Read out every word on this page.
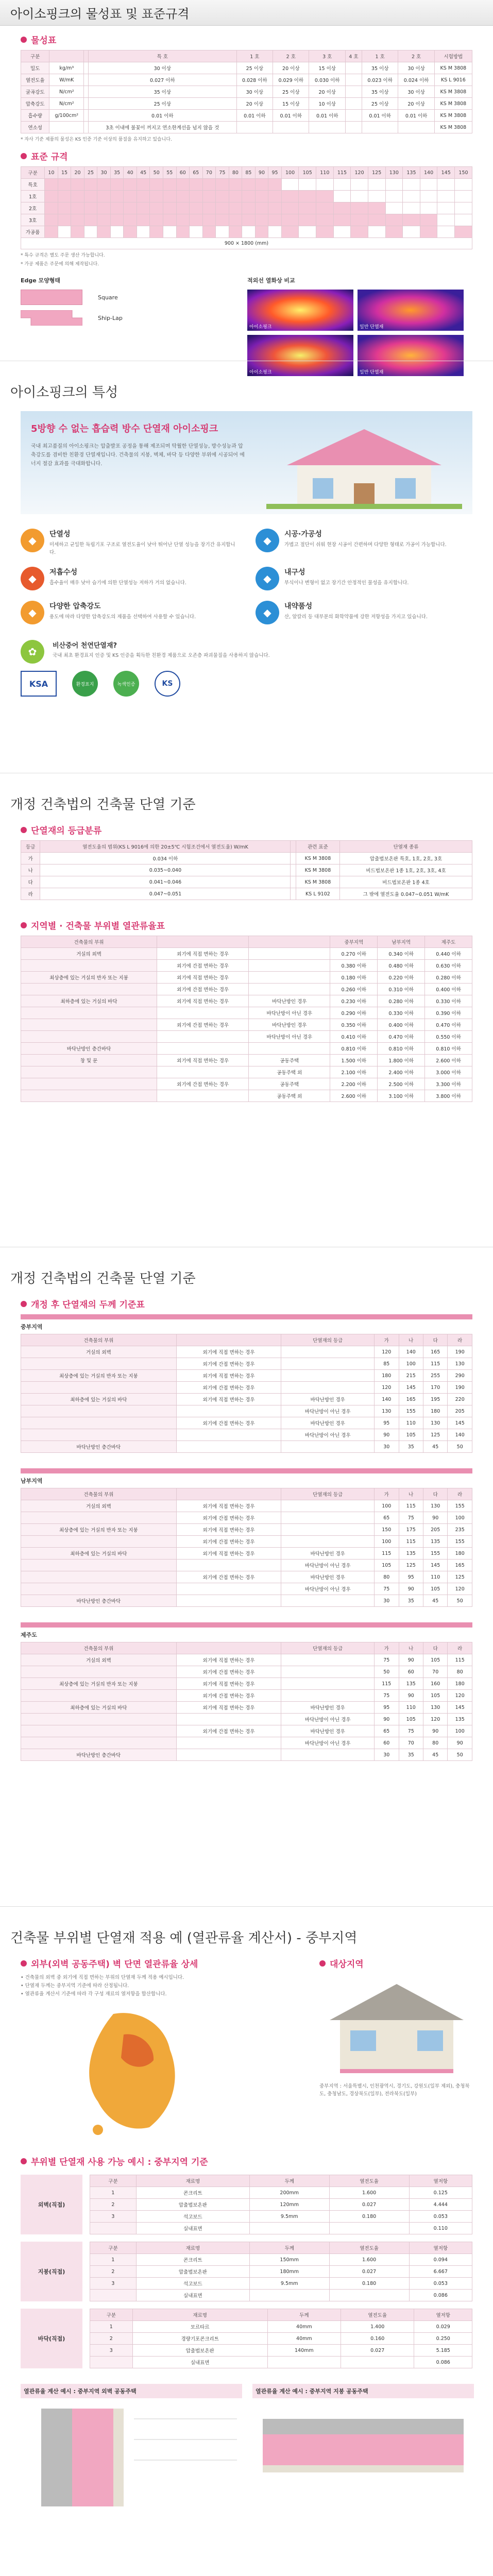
아이소핑크의 물성표 및 표준규격
물성표
구분			특 호	1 호	2 호	3 호	4 호	1 호	2 호	시험방법
밀도	kg/m³		30 이상	25 이상	20 이상	15 이상		35 이상	30 이상	KS M 3808
열전도율	W/mK		0.027 이하	0.028 이하	0.029 이하	0.030 이하		0.023 이하	0.024 이하	KS L 9016
굴곡강도	N/cm²		35 이상	30 이상	25 이상	20 이상		35 이상	30 이상	KS M 3808
압축강도	N/cm²		25 이상	20 이상	15 이상	10 이상		25 이상	20 이상	KS M 3808
흡수량	g/100cm²		0.01 이하	0.01 이하	0.01 이하	0.01 이하		0.01 이하	0.01 이하	KS M 3808
연소성			3초 이내에 불꽃이 꺼지고 연소한계선을 넘지 않을 것							KS M 3808
* 자사 기준 제품의 물성은 KS 인증 기준 이상의 품질을 유지하고 있습니다.
표준 규격
구분	10	15	20	25	30	35	40	45	50	55	60	65	70	75	80	85	90	95	100	105	110	115	120	125	130	135	140	145	150
특호																													
1호																													
2호																													
3호																													
가공품																													
900 × 1800 (mm)																													
* 특수 규격은 별도 주문 생산 가능합니다.
* 가공 제품은 주문에 의해 제작됩니다.
Edge 모양형태
Square
Ship-Lap
적외선 열화상 비교
아이소핑크	일반 단열재
아이소핑크	일반 단열재
아이소핑크의 특성
5방향 수 없는 흡습력 방수 단열재 아이소핑크
국내 최고품질의 아이소핑크는 압출발포 공정을 통해 제조되며 탁월한 단열성능, 방수성능과 압축강도를 겸비한 친환경 단열재입니다. 건축물의 지붕, 벽체, 바닥 등 다양한 부위에 시공되어 에너지 절감 효과를 극대화합니다.
◆	단열성

미세하고 균일한 독립기포 구조로 열전도율이 낮아 뛰어난 단열 성능을 장기간 유지합니다.

◆	시공·가공성

가볍고 절단이 쉬워 현장 시공이 간편하며 다양한 형태로 가공이 가능합니다.

◆	저흡수성

흡수율이 매우 낮아 습기에 의한 단열성능 저하가 거의 없습니다.	◆	내구성

부식이나 변형이 없고 장기간 안정적인 물성을 유지합니다.

◆	다양한 압축강도

용도에 따라 다양한 압축강도의 제품을 선택하여 사용할 수 있습니다.	◆	내약품성

산, 알칼리 등 대부분의 화학약품에 강한 저항성을 가지고 있습니다.

✿	비산중어 천연단열재?
국내 최초 환경표지 인증 및 KS 인증을 획득한 친환경 제품으로 오존층 파괴물질을 사용하지 않습니다.
KSA	환경표지	녹색인증	KS
개정 건축법의 건축물 단열 기준
단열재의 등급분류
등급	열전도율의 범위(KS L 9016에 의한 20±5℃ 시험조건에서 열전도율) W/mK		관련 표준	단열재 종류
가	0.034 이하		KS M 3808	압출법보온판 특호, 1호, 2호, 3호
나	0.035~0.040		KS M 3808	비드법보온판 1종 1호, 2호, 3호, 4호
다	0.041~0.046		KS M 3808	비드법보온판 1종 4호
라	0.047~0.051		KS L 9102	그 밖에 열전도율 0.047~0.051 W/mK
지역별 · 건축물 부위별 열관류율표
건축물의 부위			중부지역	남부지역	제주도
거실의 외벽	외기에 직접 면하는 경우		0.270 이하	0.340 이하	0.440 이하
	외기에 간접 면하는 경우		0.380 이하	0.480 이하	0.630 이하
최상층에 있는 거실의 반자 또는 지붕	외기에 직접 면하는 경우		0.180 이하	0.220 이하	0.280 이하
	외기에 간접 면하는 경우		0.260 이하	0.310 이하	0.400 이하
최하층에 있는 거실의 바닥	외기에 직접 면하는 경우	바닥난방인 경우	0.230 이하	0.280 이하	0.330 이하
		바닥난방이 아닌 경우	0.290 이하	0.330 이하	0.390 이하
	외기에 간접 면하는 경우	바닥난방인 경우	0.350 이하	0.400 이하	0.470 이하
		바닥난방이 아닌 경우	0.410 이하	0.470 이하	0.550 이하
바닥난방인 층간바닥			0.810 이하	0.810 이하	0.810 이하
창 및 문	외기에 직접 면하는 경우	공동주택	1.500 이하	1.800 이하	2.600 이하
		공동주택 외	2.100 이하	2.400 이하	3.000 이하
	외기에 간접 면하는 경우	공동주택	2.200 이하	2.500 이하	3.300 이하
		공동주택 외	2.600 이하	3.100 이하	3.800 이하
개정 건축법의 건축물 단열 기준
개정 후 단열재의 두께 기준표
중부지역
건축물의 부위		단열재의 등급	가	나	다	라
거실의 외벽	외기에 직접 면하는 경우		120	140	165	190
	외기에 간접 면하는 경우		85	100	115	130
최상층에 있는 거실의 반자 또는 지붕	외기에 직접 면하는 경우		180	215	255	290
	외기에 간접 면하는 경우		120	145	170	190
최하층에 있는 거실의 바닥	외기에 직접 면하는 경우	바닥난방인 경우	140	165	195	220
		바닥난방이 아닌 경우	130	155	180	205
	외기에 간접 면하는 경우	바닥난방인 경우	95	110	130	145
		바닥난방이 아닌 경우	90	105	125	140
바닥난방인 층간바닥			30	35	45	50
남부지역
건축물의 부위		단열재의 등급	가	나	다	라
거실의 외벽	외기에 직접 면하는 경우		100	115	130	155
	외기에 간접 면하는 경우		65	75	90	100
최상층에 있는 거실의 반자 또는 지붕	외기에 직접 면하는 경우		150	175	205	235
	외기에 간접 면하는 경우		100	115	135	155
최하층에 있는 거실의 바닥	외기에 직접 면하는 경우	바닥난방인 경우	115	135	155	180
		바닥난방이 아닌 경우	105	125	145	165
	외기에 간접 면하는 경우	바닥난방인 경우	80	95	110	125
		바닥난방이 아닌 경우	75	90	105	120
바닥난방인 층간바닥			30	35	45	50
제주도
건축물의 부위		단열재의 등급	가	나	다	라
거실의 외벽	외기에 직접 면하는 경우		75	90	105	115
	외기에 간접 면하는 경우		50	60	70	80
최상층에 있는 거실의 반자 또는 지붕	외기에 직접 면하는 경우		115	135	160	180
	외기에 간접 면하는 경우		75	90	105	120
최하층에 있는 거실의 바닥	외기에 직접 면하는 경우	바닥난방인 경우	95	110	130	145
		바닥난방이 아닌 경우	90	105	120	135
	외기에 간접 면하는 경우	바닥난방인 경우	65	75	90	100
		바닥난방이 아닌 경우	60	70	80	90
바닥난방인 층간바닥			30	35	45	50
건축물 부위별 단열재 적용 예 (열관류율 계산서) - 중부지역
외부(외벽 공동주택) 벽 단면 열관류율 상세
• 건축물의 외벽 중 외기에 직접 면하는 부위의 단열재 두께 적용 예시입니다.
• 단열재 두께는 중부지역 기준에 따라 산정됩니다.
• 열관류율 계산서 기준에 따라 각 구성 재료의 열저항을 합산합니다.
대상지역
중부지역 : 서울특별시, 인천광역시, 경기도, 강원도(일부 제외), 충청북도, 충청남도, 경상북도(일부), 전라북도(일부)
부위별 단열재 사용 가능 예시 : 중부지역 기준
외벽(직접)
구분	재료명	두께	열전도율	열저항
1	콘크리트	200mm	1.600	0.125
2	압출법보온판	120mm	0.027	4.444
3	석고보드	9.5mm	0.180	0.053
	실내표면			0.110
지붕(직접)
구분	재료명	두께	열전도율	열저항
1	콘크리트	150mm	1.600	0.094
2	압출법보온판	180mm	0.027	6.667
3	석고보드	9.5mm	0.180	0.053
	실내표면			0.086
바닥(직접)
구분	재료명	두께	열전도율	열저항
1	모르타르	40mm	1.400	0.029
2	경량기포콘크리트	40mm	0.160	0.250
3	압출법보온판	140mm	0.027	5.185
	실내표면			0.086
열관류율 계산 예시 : 중부지역 외벽 공동주택	열관류율 계산 예시 : 중부지역 지붕 공동주택
